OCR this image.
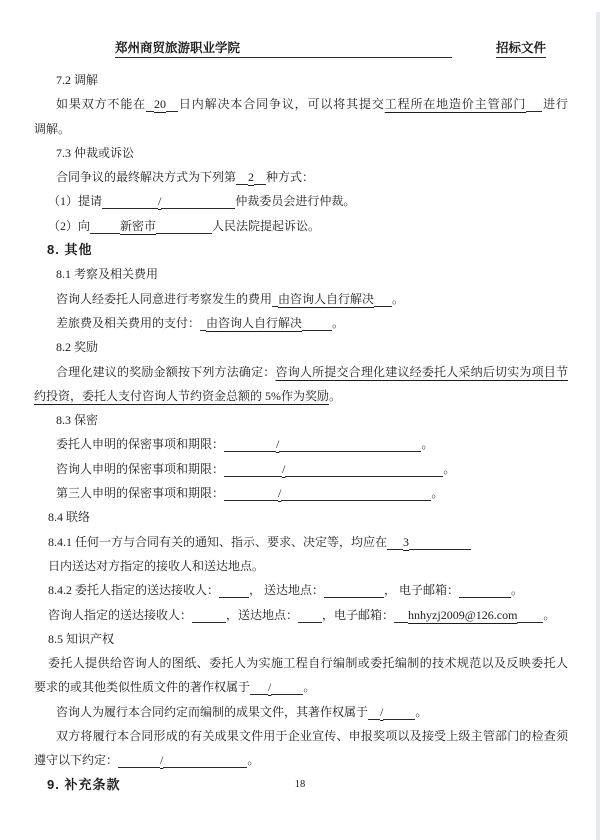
郑州商贸旅游职业学院	招标文件

7.2 调解

如果双方不能在 20 日内解决本合同争议，可以将其提交工程所在地造价主管部门 进行

调解。

7.3 仲裁或诉讼

合同争议的最终解决方式为下列第 2 种方式：

（1）提请	/	仲裁委员会进行仲裁。

（2）向	新密市	人民法院提起诉讼。

8. 其他

8.1 考察及相关费用

咨询人经委托人同意进行考察发生的费用 由咨询人自行解决 。

差旅费及相关费用的支付： 由咨询人自行解决	。

8.2 奖励

合理化建议的奖励金额按下列方法确定：咨询人所提交合理化建议经委托人采纳后切实为项目节

约投资，委托人支付咨询人节约资金总额的 5%作为奖励。

8.3 保密

委托人申明的保密事项和期限：	/	。

咨询人申明的保密事项和期限：	/	。

第三人申明的保密事项和期限：	/	。

8.4 联络

8.4.1 任何一方与合同有关的通知、指示、要求、决定等，均应在 3

日内送达对方指定的接收人和送达地点。

8.4.2 委托人指定的送达接收人：	， 送达地点：	， 电子邮箱：	。

咨询人指定的送达接收人：	，送达地点： ，电子邮箱： hnhyzj2009@126.com 。

8.5 知识产权

委托人提供给咨询人的图纸、委托人为实施工程自行编制或委托编制的技术规范以及反映委托人

要求的或其他类似性质文件的著作权属于 /	。

咨询人为履行本合同约定而编制的成果文件，其著作权属于 /	。

双方将履行本合同形成的有关成果文件用于企业宣传、申报奖项以及接受上级主管部门的检查须

遵守以下约定：	/	。

9. 补充条款	18
